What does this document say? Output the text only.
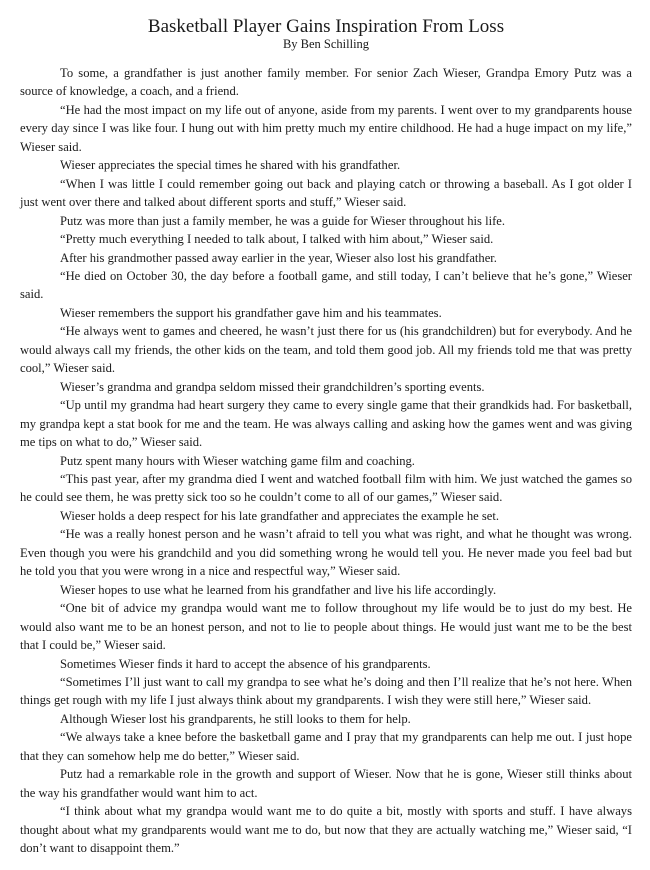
Basketball Player Gains Inspiration From Loss
By Ben Schilling

To some, a grandfather is just another family member. For senior Zach Wieser, Grandpa Emory Putz was a source of knowledge, a coach, and a friend.

“He had the most impact on my life out of anyone, aside from my parents. I went over to my grandparents house every day since I was like four. I hung out with him pretty much my entire childhood. He had a huge impact on my life,” Wieser said.

Wieser appreciates the special times he shared with his grandfather.

“When I was little I could remember going out back and playing catch or throwing a baseball. As I got older I just went over there and talked about different sports and stuff,” Wieser said.

Putz was more than just a family member, he was a guide for Wieser throughout his life.

“Pretty much everything I needed to talk about, I talked with him about,” Wieser said.

After his grandmother passed away earlier in the year, Wieser also lost his grandfather.

“He died on October 30, the day before a football game, and still today, I can’t believe that he’s gone,” Wieser said.

Wieser remembers the support his grandfather gave him and his teammates.

“He always went to games and cheered, he wasn’t just there for us (his grandchildren) but for everybody. And he would always call my friends, the other kids on the team, and told them good job. All my friends told me that was pretty cool,” Wieser said.

Wieser’s grandma and grandpa seldom missed their grandchildren’s sporting events.

“Up until my grandma had heart surgery they came to every single game that their grandkids had. For basketball, my grandpa kept a stat book for me and the team. He was always calling and asking how the games went and was giving me tips on what to do,” Wieser said.

Putz spent many hours with Wieser watching game film and coaching.

“This past year, after my grandma died I went and watched football film with him. We just watched the games so he could see them, he was pretty sick too so he couldn’t come to all of our games,” Wieser said.

Wieser holds a deep respect for his late grandfather and appreciates the example he set.

“He was a really honest person and he wasn’t afraid to tell you what was right, and what he thought was wrong. Even though you were his grandchild and you did something wrong he would tell you. He never made you feel bad but he told you that you were wrong in a nice and respectful way,” Wieser said.

Wieser hopes to use what he learned from his grandfather and live his life accordingly.

“One bit of advice my grandpa would want me to follow throughout my life would be to just do my best. He would also want me to be an honest person, and not to lie to people about things. He would just want me to be the best that I could be,” Wieser said.

Sometimes Wieser finds it hard to accept the absence of his grandparents.

“Sometimes I’ll just want to call my grandpa to see what he’s doing and then I’ll realize that he’s not here. When things get rough with my life I just always think about my grandparents. I wish they were still here,” Wieser said.

Although Wieser lost his grandparents, he still looks to them for help.

“We always take a knee before the basketball game and I pray that my grandparents can help me out. I just hope that they can somehow help me do better,” Wieser said.

Putz had a remarkable role in the growth and support of Wieser. Now that he is gone, Wieser still thinks about the way his grandfather would want him to act.

“I think about what my grandpa would want me to do quite a bit, mostly with sports and stuff. I have always thought about what my grandparents would want me to do, but now that they are actually watching me,” Wieser said, “I don’t want to disappoint them.”
